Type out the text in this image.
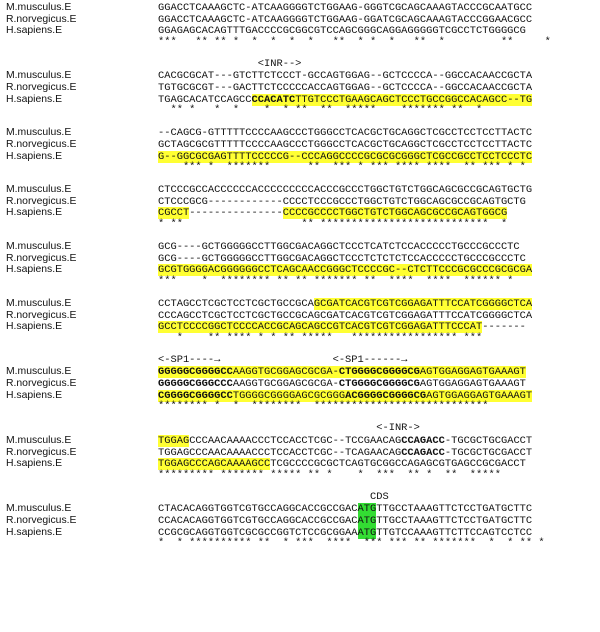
M.musculus.E	GGACCTCAAAGCTC-ATCAAGGGGTCTGGAAG-GGGTCGCAGCAAAGTACCCGCAATGCC
R.norvegicus.E	GGACCTCAAAGCTC-ATCAAGGGGTCTGGAAG-GGATCGCAGCAAAGTACCCGGAACGCC
H.sapiens.E	GGAGAGCACAGTTTGACCCCGCGGCGTCCAGCGGGCAGGAGGGGGTCGCCTCTGGGGCG
***   ** ** *  *  *  *  *   **  * *  *   **  *         **     *
<INR-->
M.musculus.E	CACGCGCAT---GTCTTCTCCCT-GCCAGTGGAG--GCTCCCCA--GGCCACAACCGCTA
R.norvegicus.E	TGTGCGCGT---GACTTCTCCCCCACCAGTGGAG--GCTCCCCA--GGCCACAACCGCTA
H.sapiens.E	TGAGCACATCCAGCCCCACATCTTGTCCCTGAAGCAGCTCCCTGCCGGCCACAGCC--TG
** *   *  *    *  * **  **  *****    ******* **  *
M.musculus.E	--CAGCG-GTTTTTCCCCAAGCCCTGGGCCTCACGCTGCAGGCTCGCCTCCTCCTTACTC
R.norvegicus.E	GCTAGCGCGTTTTTCCCCAAGCCCTGGGCCTCACGCTGCAGGCTCGCCTCCTCCTTACTC
H.sapiens.E	G--GGCGCGAGTTTTCCCCCG--CCCAGGCCCCGCGCGCGGGCTCGCCGCCTCCTCCCTC
*** *  *******      **  *** * *** **** ****  ** *** * *
M.musculus.E	CTCCCGCCACCCCCCACCCCCCCCCACCCGCCCTGGCTGTCTGGCAGCGCCGCAGTGCTG
R.norvegicus.E	CTCCCGCG------------CCCCTCCCGCCCTGGCTGTCTGGCAGCGCCGCAGTGCTG
H.sapiens.E	CGCCT---------------CCCCGCCCCTGGCTGTCTGGCAGCGCCGCAGTGGCG
* **                   ** ***************************  *
M.musculus.E	GCG----GCTGGGGGCCTTGGCGACAGGCTCCCTCATCTCCACCCCCTGCCCGCCCTC
R.norvegicus.E	GCG----GCTGGGGGCCTTGGCGACAGGCTCCCTCTCTCTCCACCCCCTGCCCGCCCTC
H.sapiens.E	GCGTGGGGACGGGGGGCCTCAGCAACCGGGCTCCCCGC--CTCTTCCCGCGCCCGCGCGA
***    *  ******** ** ** ******* **  ****  ****  ****** *
M.musculus.E	CCTAGCCTCGCTCCTCGCTGCCGCAGCGATCACGTCGTCGGAGATTTCCATCGGGGCTCA
R.norvegicus.E	CCCAGCCTCGCTCCTCGCTGCCGCAGCGATCACGTCGTCGGAGATTTCCATCGGGGCTCA
H.sapiens.E	GCCTCCCCGGCTCCCCACCGCAGCAGCCGTCACGTCGTCGGAGATTTCCCAT-------
*    ** **** * * ** *****   ***************** ***
<-SP1----→                  <-SP1------→
M.musculus.E	GGGGGCGGGGCCAAGGTGCGGAGCGCGA-CTGGGGCGGGGCGAGTGGAGGAGTGAAAGT
R.norvegicus.E	GGGGGCGGGCCCAAGGTGCGGAGCGCGA-CTGGGGCGGGGCGAGTGGAGGAGTGAAAGT
H.sapiens.E	CGGGGCGGGGCCTGGGGCGGGGAGCGCGGGACGGGGCGGGGCGAGTGGAGGAGTGAAAGT
******** *  *  ********  ****************************
<-INR->
M.musculus.E	TGGAGCCCAACAAAACCCTCCACCTCGC--TCCGAACAGCCAGACC-TGCGCTGCGACCT
R.norvegicus.E	TGGAGCCCAACAAAACCCTCCACCTCGC--TCAGAACAGCCAGACC-TGCGCTGCGACCT
H.sapiens.E	TGGAGCCCAGCAAAAGCCTCGCCCCGCGCTCAGTGCGGCCAGAGCGTGAGCCGCGACCT
********* ******* ***** ** *    *  ***  ** *  **  *****
CDS
M.musculus.E	CTACACAGGTGGTCGTGCCAGGCACCGCCGACATGTTGCCTAAAGTTCTCCTGATGCTTC
R.norvegicus.E	CCACACAGGTGGTCGTGCCAGGCACCGCCGACATGTTGCCTAAAGTTCTCCTGATGCTTC
H.sapiens.E	CCGCGCAGGTGGTCGCGCCGGTCTCCGCGGAAATGTTGTCCAAAGTTCTTCCAGTCCTCC
*  * ********** **  * ***  ****  *** *** ** *******  *  * ** *
